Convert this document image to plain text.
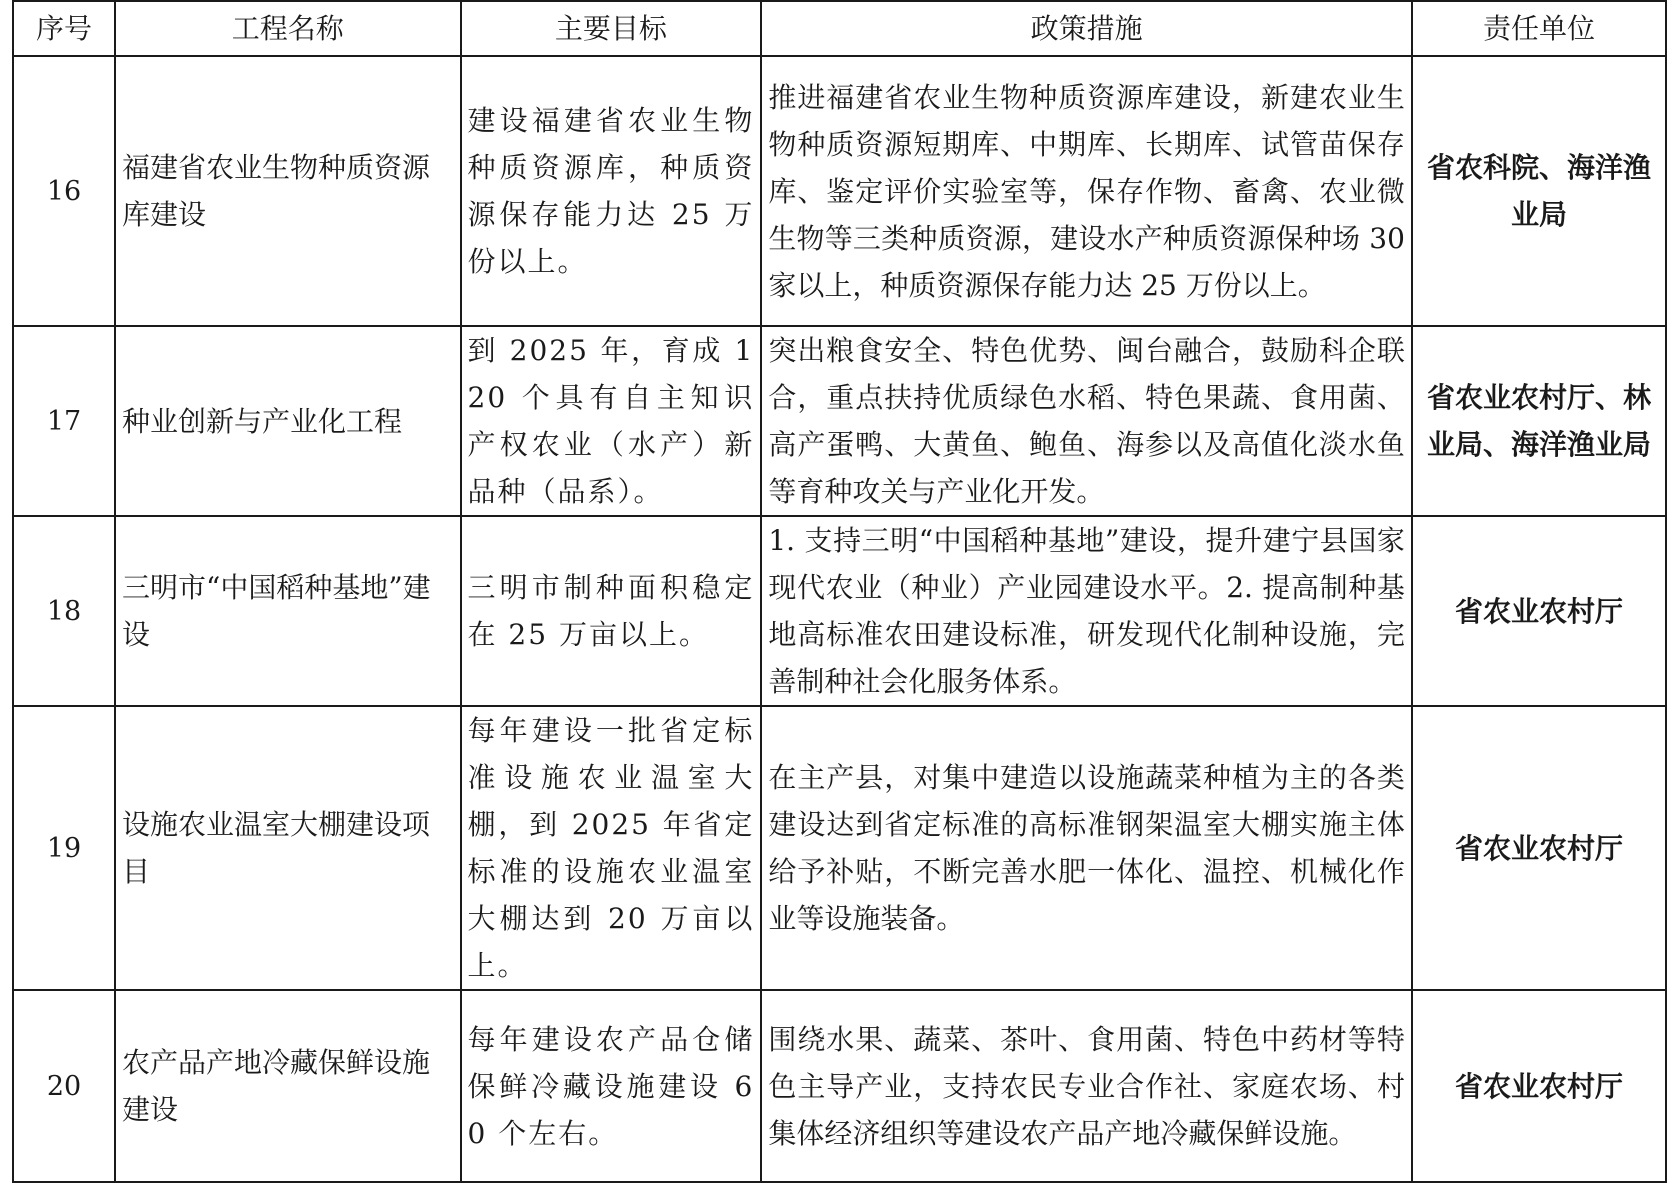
序号	工程名称	主要目标	政策措施	责任单位
16	福建省农业生物种质资源库建设	建设福建省农业生物种质资源库，种质资源保存能力达 25 万份以上。	推进福建省农业生物种质资源库建设，新建农业生物种质资源短期库、中期库、长期库、试管苗保存库、鉴定评价实验室等，保存作物、畜禽、农业微生物等三类种质资源，建设水产种质资源保种场 30 家以上，种质资源保存能力达 25 万份以上。	省农科院、海洋渔业局
17	种业创新与产业化工程	到 2025 年，育成 120 个具有自主知识产权农业（水产）新品种（品系）。	突出粮食安全、特色优势、闽台融合，鼓励科企联合，重点扶持优质绿色水稻、特色果蔬、食用菌、高产蛋鸭、大黄鱼、鲍鱼、海参以及高值化淡水鱼等育种攻关与产业化开发。	省农业农村厅、林业局、海洋渔业局
18	三明市“中国稻种基地”建设	三明市制种面积稳定在 25 万亩以上。	1. 支持三明“中国稻种基地”建设，提升建宁县国家现代农业（种业）产业园建设水平。2. 提高制种基地高标准农田建设标准，研发现代化制种设施，完善制种社会化服务体系。	省农业农村厅
19	设施农业温室大棚建设项目	每年建设一批省定标准设施农业温室大棚，到 2025 年省定标准的设施农业温室大棚达到 20 万亩以上。	在主产县，对集中建造以设施蔬菜种植为主的各类建设达到省定标准的高标准钢架温室大棚实施主体给予补贴，不断完善水肥一体化、温控、机械化作业等设施装备。	省农业农村厅
20	农产品产地冷藏保鲜设施建设	每年建设农产品仓储保鲜冷藏设施建设 60 个左右。	围绕水果、蔬菜、茶叶、食用菌、特色中药材等特色主导产业，支持农民专业合作社、家庭农场、村集体经济组织等建设农产品产地冷藏保鲜设施。	省农业农村厅
